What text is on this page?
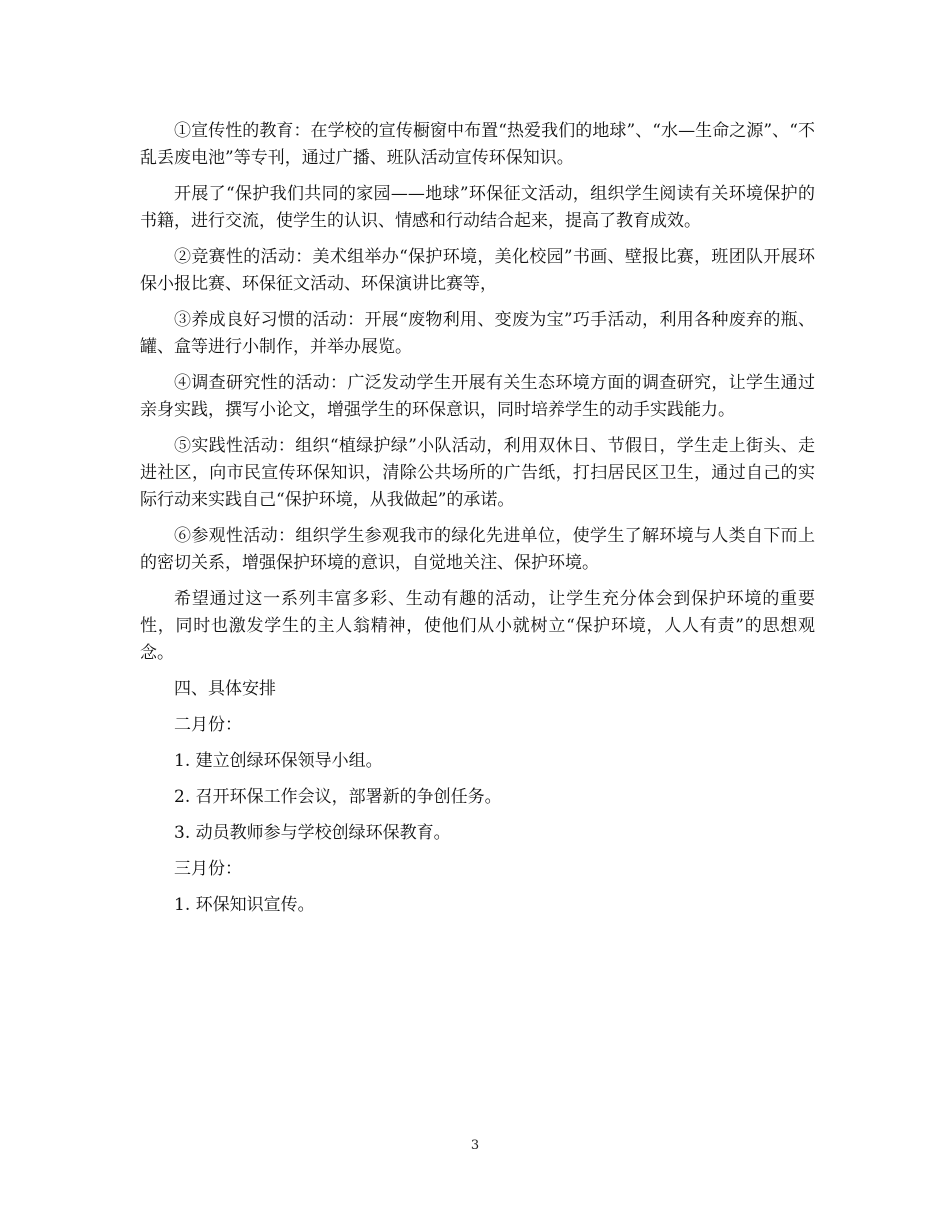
①宣传性的教育：在学校的宣传橱窗中布置“热爱我们的地球”、“水—生命之源”、“不乱丢废电池”等专刊，通过广播、班队活动宣传环保知识。

开展了“保护我们共同的家园——地球”环保征文活动，组织学生阅读有关环境保护的书籍，进行交流，使学生的认识、情感和行动结合起来，提高了教育成效。

②竞赛性的活动：美术组举办“保护环境，美化校园”书画、壁报比赛，班团队开展环保小报比赛、环保征文活动、环保演讲比赛等，

③养成良好习惯的活动：开展“废物利用、变废为宝”巧手活动，利用各种废弃的瓶、罐、盒等进行小制作，并举办展览。

④调查研究性的活动：广泛发动学生开展有关生态环境方面的调查研究，让学生通过亲身实践，撰写小论文，增强学生的环保意识，同时培养学生的动手实践能力。

⑤实践性活动：组织“植绿护绿”小队活动，利用双休日、节假日，学生走上街头、走进社区，向市民宣传环保知识，清除公共场所的广告纸，打扫居民区卫生，通过自己的实际行动来实践自己“保护环境，从我做起”的承诺。

⑥参观性活动：组织学生参观我市的绿化先进单位，使学生了解环境与人类自下而上的密切关系，增强保护环境的意识，自觉地关注、保护环境。

希望通过这一系列丰富多彩、生动有趣的活动，让学生充分体会到保护环境的重要性，同时也激发学生的主人翁精神，使他们从小就树立“保护环境，人人有责”的思想观念。

四、具体安排

二月份：

1. 建立创绿环保领导小组。

2. 召开环保工作会议，部署新的争创任务。

3. 动员教师参与学校创绿环保教育。

三月份：

1. 环保知识宣传。

3
